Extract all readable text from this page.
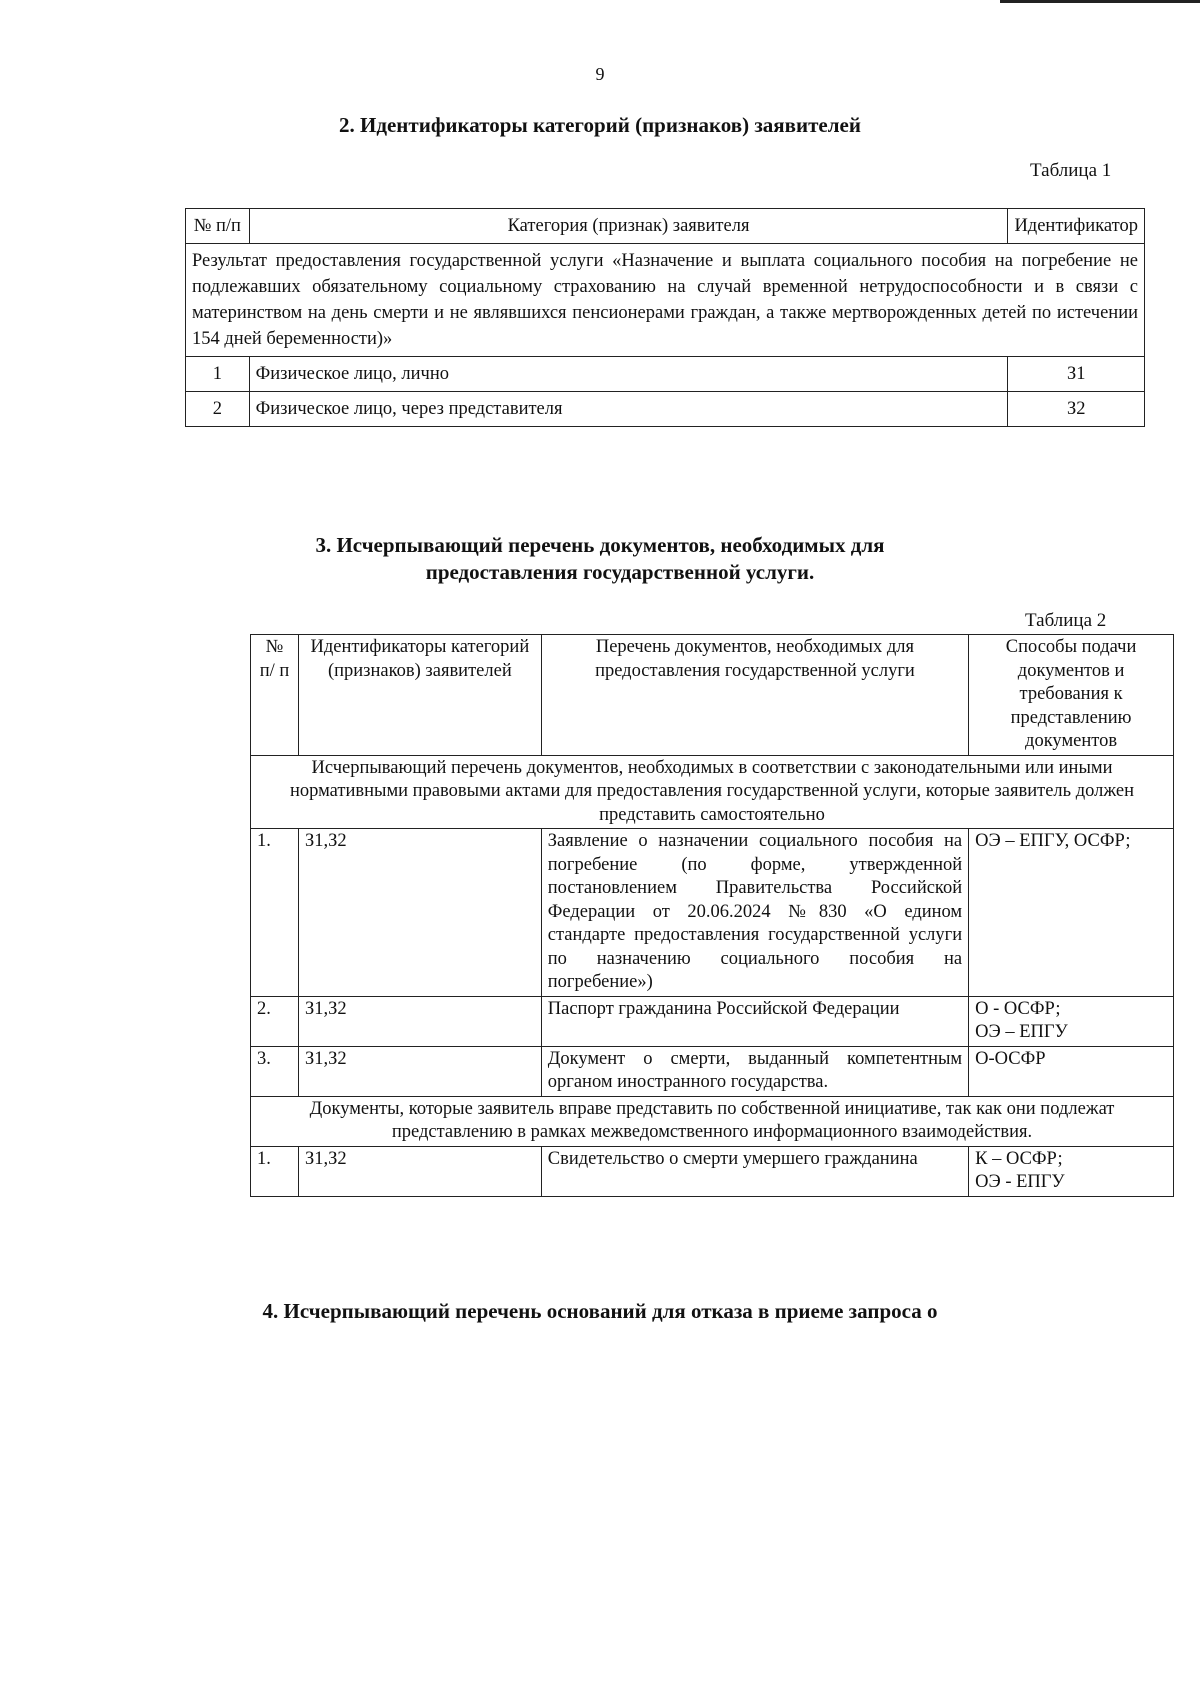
9
2. Идентификаторы категорий (признаков) заявителей
Таблица 1
№ п/п	Категория (признак) заявителя	Идентификатор
Результат предоставления государственной услуги «Назначение и выплата социального пособия на погребение не подлежавших обязательному социальному страхованию на случай временной нетрудоспособности и в связи с материнством на день смерти и не являвшихся пенсионерами граждан, а также мертворожденных детей по истечении 154 дней беременности)»		
1	Физическое лицо, лично	З1
2	Физическое лицо, через представителя	З2
3. Исчерпывающий перечень документов, необходимых для
предоставления государственной услуги.
Таблица 2
№ п/ п	Идентификаторы категорий (признаков) заявителей	Перечень документов, необходимых для предоставления государственной услуги	Способы подачи документов и требования к представлению документов
Исчерпывающий перечень документов, необходимых в соответствии с законодательными или иными нормативными правовыми актами для предоставления государственной услуги, которые заявитель должен представить самостоятельно			
1.	З1,З2	Заявление о назначении социального пособия на погребение (по форме, утвержденной постановлением Правительства Российской Федерации от 20.06.2024 №830 «О едином стандарте предоставления государственной услуги по назначению социального пособия на погребение»)	ОЭ – ЕПГУ, ОСФР;
2.	З1,З2	Паспорт гражданина Российской Федерации	О - ОСФР;
ОЭ – ЕПГУ

3.	З1,З2	Документ о смерти, выданный компетентным органом иностранного государства.	О-ОСФР
Документы, которые заявитель вправе представить по собственной инициативе, так как они подлежат представлению в рамках межведомственного информационного взаимодействия.			
1.	З1,З2	Свидетельство о смерти умершего гражданина	К – ОСФР;
ОЭ - ЕПГУ
4. Исчерпывающий перечень оснований для отказа в приеме запроса о
